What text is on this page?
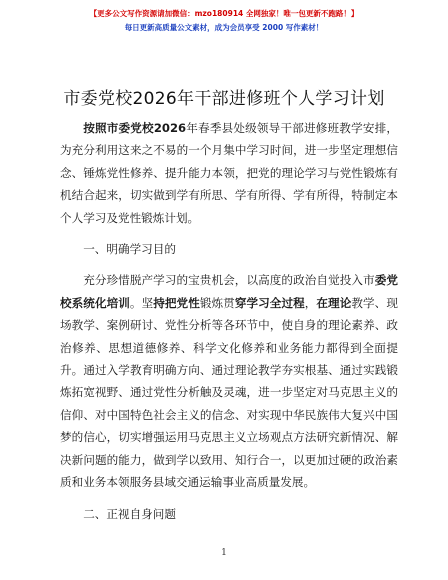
【更多公文写作资源请加微信：mzo180914 全网独家！唯一包更新不跑路！】
每日更新高质量公文素材，成为会员享受 2000 写作素材！
市委党校2026年干部进修班个人学习计划

按照市委党校2026年春季县处级领导干部进修班教学安排，为充分利用这来之不易的一个月集中学习时间，进一步坚定理想信念、锤炼党性修养、提升能力本领，把党的理论学习与党性锻炼有机结合起来，切实做到学有所思、学有所得、学有所得，特制定本个人学习及党性锻炼计划。

一、明确学习目的

充分珍惜脱产学习的宝贵机会，以高度的政治自觉投入市委党校系统化培训。坚持把党性锻炼贯穿学习全过程，在理论教学、现场教学、案例研讨、党性分析等各环节中，使自身的理论素养、政治修养、思想道德修养、科学文化修养和业务能力都得到全面提升。通过入学教育明确方向、通过理论教学夯实根基、通过实践锻炼拓宽视野、通过党性分析触及灵魂，进一步坚定对马克思主义的信仰、对中国特色社会主义的信念、对实现中华民族伟大复兴中国梦的信心，切实增强运用马克思主义立场观点方法研究新情况、解决新问题的能力，做到学以致用、知行合一，以更加过硬的政治素质和业务本领服务县域交通运输事业高质量发展。

二、正视自身问题

1
